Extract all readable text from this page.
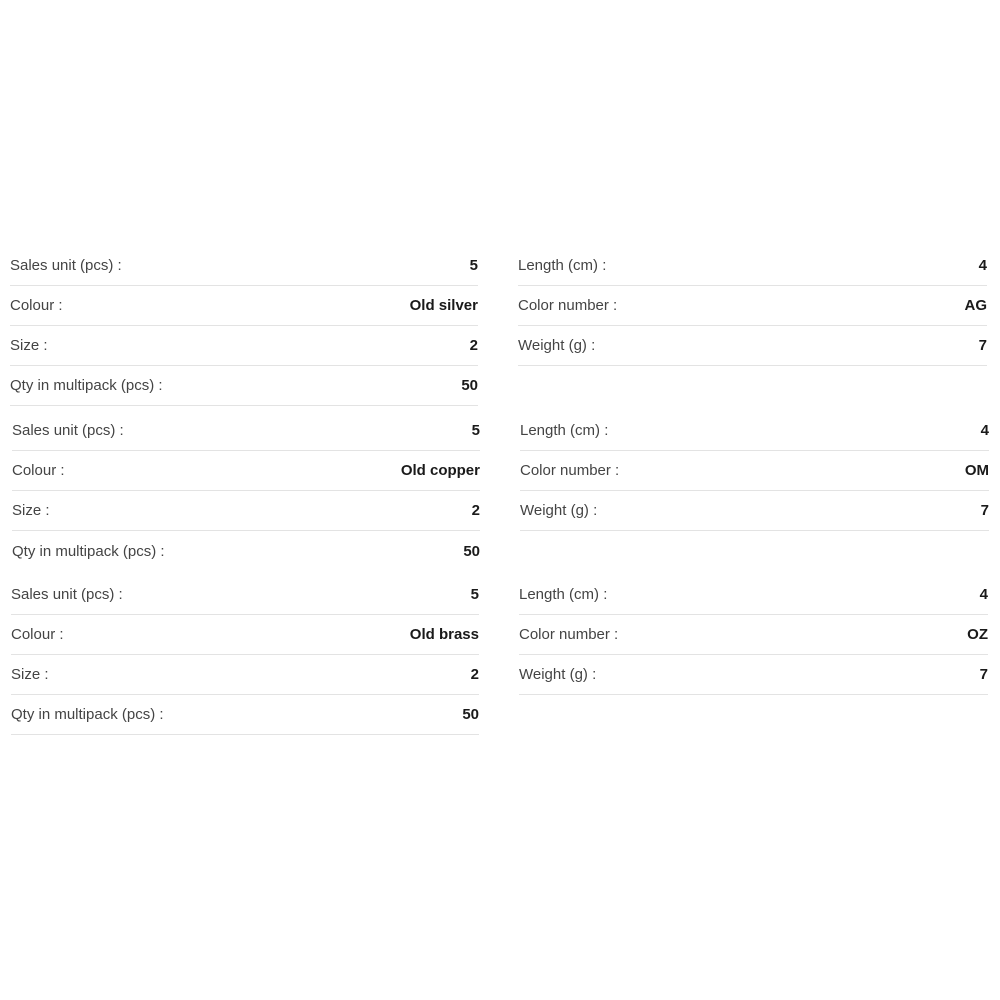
Sales unit (pcs) :	5
Colour :	Old silver
Size :	2
Qty in multipack (pcs) :	50
Length (cm) :	4
Color number :	AG
Weight (g) :	7
Sales unit (pcs) :	5
Colour :	Old copper
Size :	2
Qty in multipack (pcs) :	50
Length (cm) :	4
Color number :	OM
Weight (g) :	7
Sales unit (pcs) :	5
Colour :	Old brass
Size :	2
Qty in multipack (pcs) :	50
Length (cm) :	4
Color number :	OZ
Weight (g) :	7
